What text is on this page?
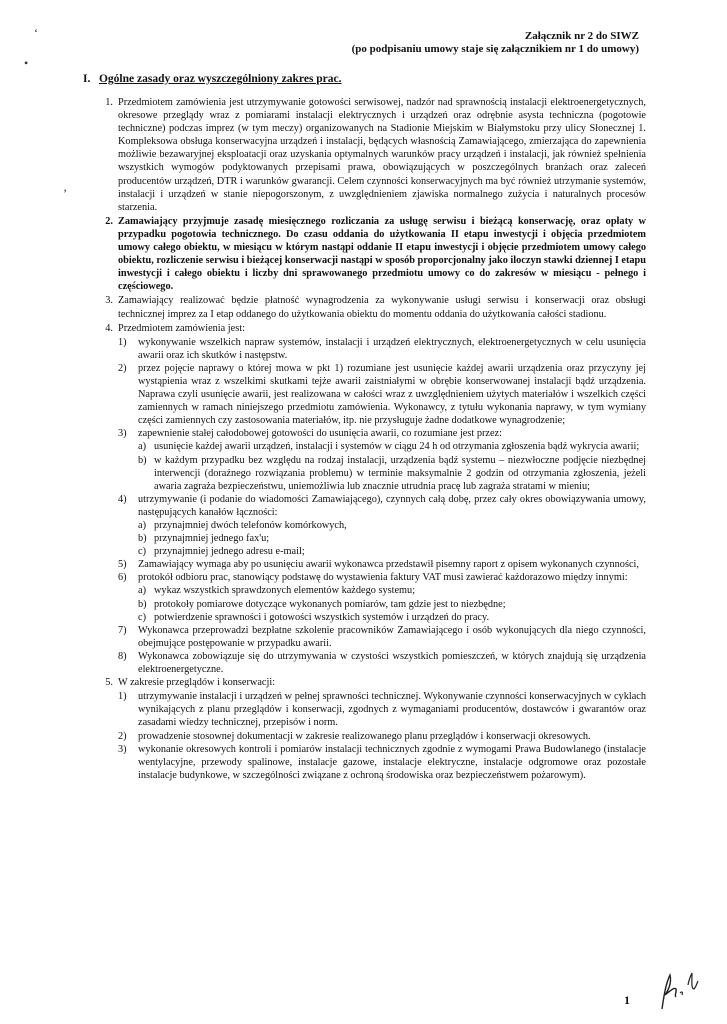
‘
•
’
Załącznik nr 2 do SIWZ
(po podpisaniu umowy staje się załącznikiem nr 1 do umowy)
I. Ogólne zasady oraz wyszczególniony zakres prac.
1. Przedmiotem zamówienia jest utrzymywanie gotowości serwisowej, nadzór nad sprawnością instalacji elektroenergetycznych, okresowe przeglądy wraz z pomiarami instalacji elektrycznych i urządzeń oraz odrębnie asysta techniczna (pogotowie techniczne) podczas imprez (w tym meczy) organizowanych na Stadionie Miejskim w Białymstoku przy ulicy Słonecznej 1. Kompleksowa obsługa konserwacyjna urządzeń i instalacji, będących własnością Zamawiającego, zmierzająca do zapewnienia możliwie bezawaryjnej eksploatacji oraz uzyskania optymalnych warunków pracy urządzeń i instalacji, jak również spełnienia wszystkich wymogów podyktowanych przepisami prawa, obowiązujących w poszczególnych branżach oraz zaleceń producentów urządzeń, DTR i warunków gwarancji. Celem czynności konserwacyjnych ma być również utrzymanie systemów, instalacji i urządzeń w stanie niepogorszonym, z uwzględnieniem zjawiska normalnego zużycia i naturalnych procesów starzenia.
2. Zamawiający przyjmuje zasadę miesięcznego rozliczania za usługę serwisu i bieżącą konserwację, oraz opłaty w przypadku pogotowia technicznego. Do czasu oddania do użytkowania II etapu inwestycji i objęcia przedmiotem umowy całego obiektu, w miesiącu w którym nastąpi oddanie II etapu inwestycji i objęcie przedmiotem umowy całego obiektu, rozliczenie serwisu i bieżącej konserwacji nastąpi w sposób proporcjonalny jako iloczyn stawki dziennej I etapu inwestycji i całego obiektu i liczby dni sprawowanego przedmiotu umowy co do zakresów w miesiącu - pełnego i częściowego.
3. Zamawiający realizować będzie płatność wynagrodzenia za wykonywanie usługi serwisu i konserwacji oraz obsługi technicznej imprez za I etap oddanego do użytkowania obiektu do momentu oddania do użytkowania całości stadionu.
4. Przedmiotem zamówienia jest:
1)	wykonywanie wszelkich napraw systemów, instalacji i urządzeń elektrycznych, elektroenergetycznych w celu usunięcia awarii oraz ich skutków i następstw.
2)	przez pojęcie naprawy o której mowa w pkt 1) rozumiane jest usunięcie każdej awarii urządzenia oraz przyczyny jej wystąpienia wraz z wszelkimi skutkami tejże awarii zaistniałymi w obrębie konserwowanej instalacji bądź urządzenia. Naprawa czyli usunięcie awarii, jest realizowana w całości wraz z uwzględnieniem użytych materiałów i wszelkich części zamiennych w ramach niniejszego przedmiotu zamówienia. Wykonawcy, z tytułu wykonania naprawy, w tym wymiany części zamiennych czy zastosowania materiałów, itp. nie przysługuje żadne dodatkowe wynagrodzenie;
3)	zapewnienie stałej całodobowej gotowości do usunięcia awarii, co rozumiane jest przez:
a) usunięcie każdej awarii urządzeń, instalacji i systemów w ciągu 24 h od otrzymania zgłoszenia bądź wykrycia awarii;
b) w każdym przypadku bez względu na rodzaj instalacji, urządzenia bądź systemu – niezwłoczne podjęcie niezbędnej interwencji (doraźnego rozwiązania problemu) w terminie maksymalnie 2 godzin od otrzymania zgłoszenia, jeżeli awaria zagraża bezpieczeństwu, uniemożliwia lub znacznie utrudnia pracę lub zagraża stratami w mieniu;
4)	utrzymywanie (i podanie do wiadomości Zamawiającego), czynnych całą dobę, przez cały okres obowiązywania umowy, następujących kanałów łączności:
a) przynajmniej dwóch telefonów komórkowych,
b) przynajmniej jednego fax'u;
c) przynajmniej jednego adresu e-mail;
5)	Zamawiający wymaga aby po usunięciu awarii wykonawca przedstawił pisemny raport z opisem wykonanych czynności,
6)	protokół odbioru prac, stanowiący podstawę do wystawienia faktury VAT musi zawierać każdorazowo między innymi:
a) wykaz wszystkich sprawdzonych elementów każdego systemu;
b) protokoły pomiarowe dotyczące wykonanych pomiarów, tam gdzie jest to niezbędne;
c) potwierdzenie sprawności i gotowości wszystkich systemów i urządzeń do pracy.
7)	Wykonawca przeprowadzi bezpłatne szkolenie pracowników Zamawiającego i osób wykonujących dla niego czynności, obejmujące postępowanie w przypadku awarii.
8)	Wykonawca zobowiązuje się do utrzymywania w czystości wszystkich pomieszczeń, w których znajdują się urządzenia elektroenergetyczne.
5. W zakresie przeglądów i konserwacji:
1)	utrzymywanie instalacji i urządzeń w pełnej sprawności technicznej. Wykonywanie czynności konserwacyjnych w cyklach wynikających z planu przeglądów i konserwacji, zgodnych z wymaganiami producentów, dostawców i gwarantów oraz zasadami wiedzy technicznej, przepisów i norm.
2)	prowadzenie stosownej dokumentacji w zakresie realizowanego planu przeglądów i konserwacji okresowych.
3)	wykonanie okresowych kontroli i pomiarów instalacji technicznych zgodnie z wymogami Prawa Budowlanego (instalacje wentylacyjne, przewody spalinowe, instalacje gazowe, instalacje elektryczne, instalacje odgromowe oraz pozostałe instalacje budynkowe, w szczególności związane z ochroną środowiska oraz bezpieczeństwem pożarowym).
1
